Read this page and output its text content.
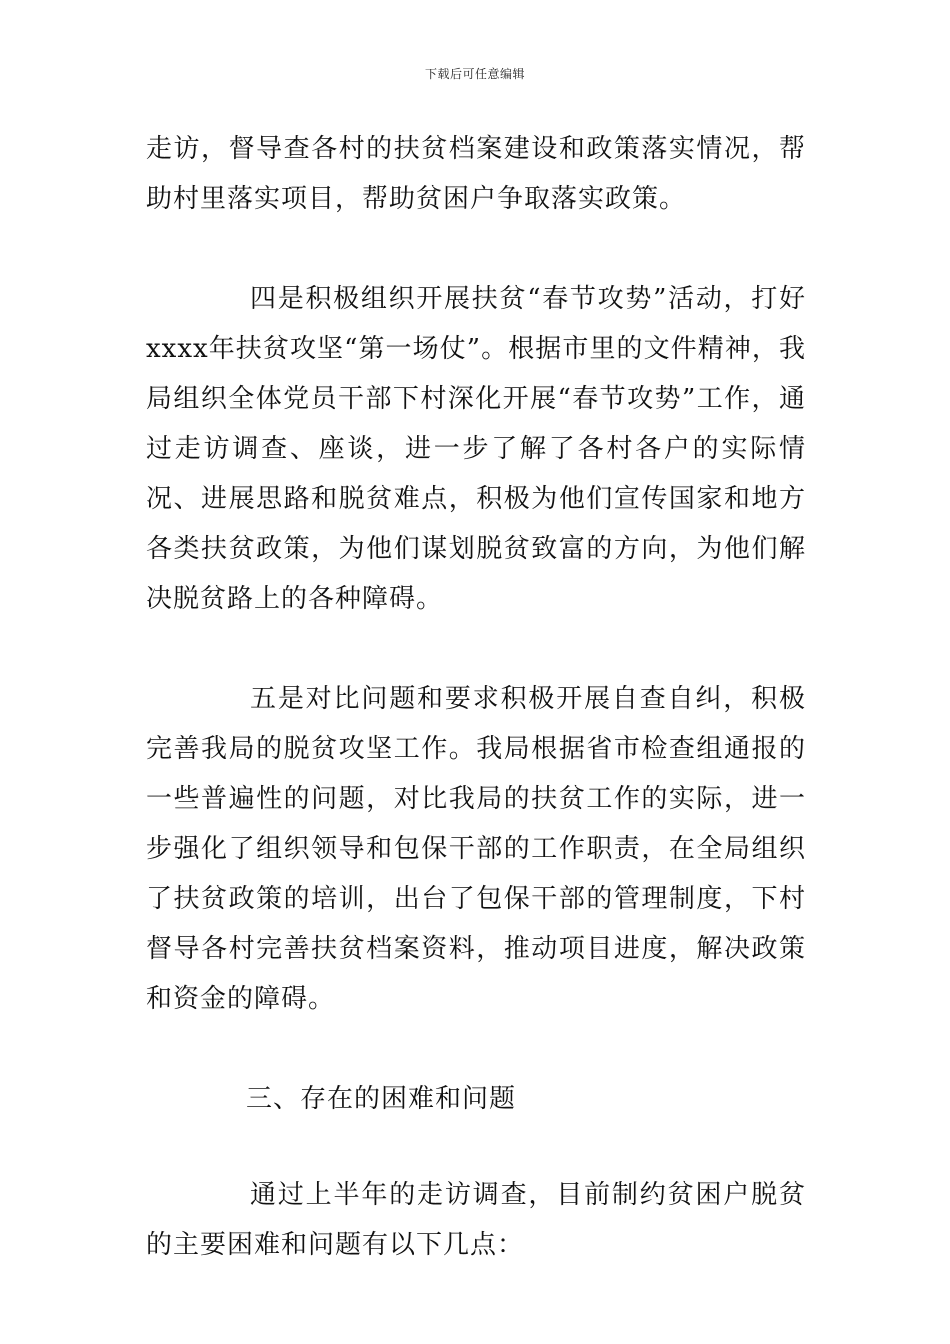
下载后可任意编辑

走访，督导查各村的扶贫档案建设和政策落实情况，帮助村里落实项目，帮助贫困户争取落实政策。

四是积极组织开展扶贫“春节攻势”活动，打好xxxx年扶贫攻坚“第一场仗”。根据市里的文件精神，我局组织全体党员干部下村深化开展“春节攻势”工作，通过走访调查、座谈，进一步了解了各村各户的实际情况、进展思路和脱贫难点，积极为他们宣传国家和地方各类扶贫政策，为他们谋划脱贫致富的方向，为他们解决脱贫路上的各种障碍。

五是对比问题和要求积极开展自查自纠，积极完善我局的脱贫攻坚工作。我局根据省市检查组通报的一些普遍性的问题，对比我局的扶贫工作的实际，进一步强化了组织领导和包保干部的工作职责，在全局组织了扶贫政策的培训，出台了包保干部的管理制度，下村督导各村完善扶贫档案资料，推动项目进度，解决政策和资金的障碍。

三、存在的困难和问题

通过上半年的走访调查，目前制约贫困户脱贫的主要困难和问题有以下几点：
